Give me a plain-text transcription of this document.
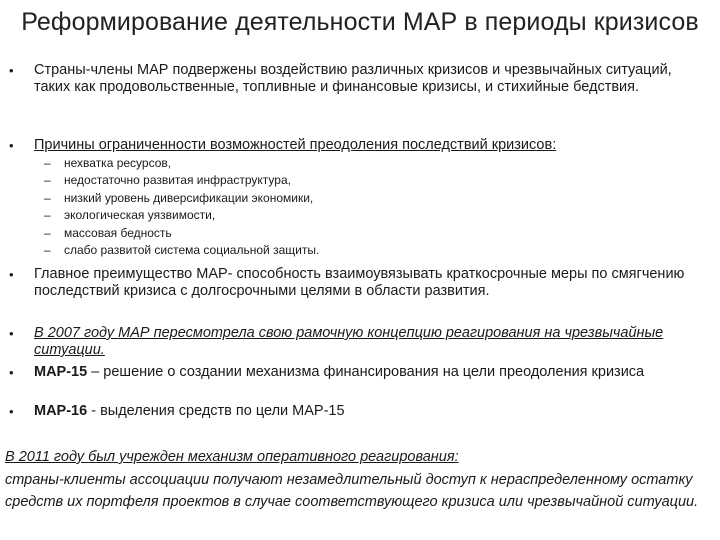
Реформирование деятельности МАР в периоды кризисов
• Страны-члены МАР подвержены воздействию различных кризисов и чрезвычайных ситуаций, таких как продовольственные, топливные и финансовые кризисы, и стихийные бедствия.
• Причины ограниченности возможностей преодоления последствий кризисов:
– нехватка ресурсов,
– недостаточно развитая инфраструктура,
– низкий уровень диверсификации экономики,
– экологическая уязвимости,
– массовая бедность
– слабо развитой система социальной защиты.
• Главное преимущество МАР- способность взаимоувязывать краткосрочные меры по смягчению последствий кризиса с долгосрочными целями в области развития.
• В 2007 году МАР пересмотрела свою рамочную концепцию реагирования на чрезвычайные ситуации.
• МАР-15 – решение о создании механизма финансирования на цели преодоления кризиса
• МАР-16 - выделения средств по цели МАР-15
В 2011 году был учрежден механизм оперативного реагирования:
страны-клиенты ассоциации получают незамедлительный доступ к нераспределенному остатку средств их портфеля проектов в случае соответствующего кризиса или чрезвычайной ситуации.
